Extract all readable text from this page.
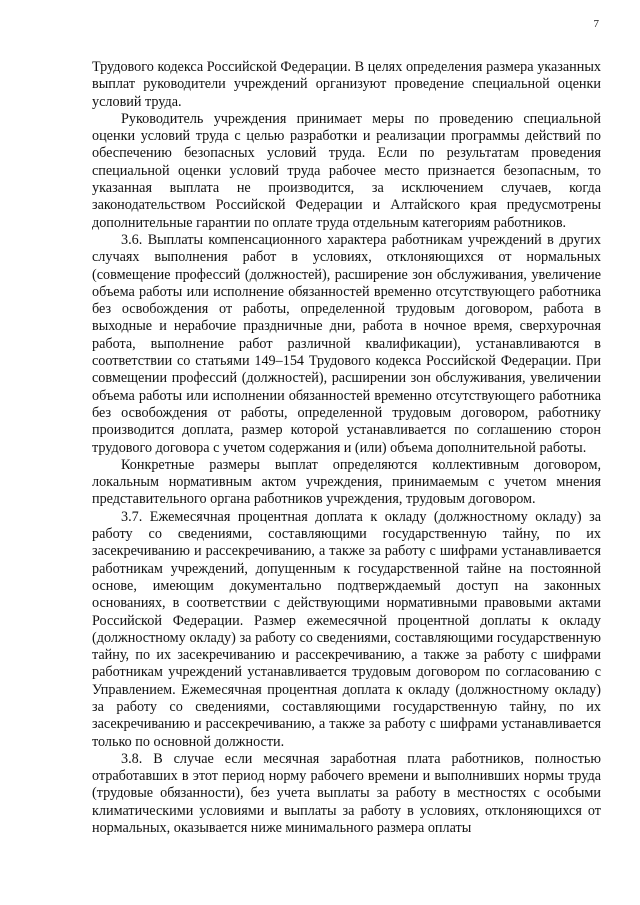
7

Трудового кодекса Российской Федерации. В целях определения размера указанных выплат руководители учреждений организуют проведение специальной оценки условий труда.

Руководитель учреждения принимает меры по проведению специальной оценки условий труда с целью разработки и реализации программы действий по обеспечению безопасных условий труда. Если по результатам проведения специальной оценки условий труда рабочее место признается безопасным, то указанная выплата не производится, за исключением случаев, когда законодательством Российской Федерации и Алтайского края предусмотрены дополнительные гарантии по оплате труда отдельным категориям работников.

3.6. Выплаты компенсационного характера работникам учреждений в других случаях выполнения работ в условиях, отклоняющихся от нормальных (совмещение профессий (должностей), расширение зон обслуживания, увеличение объема работы или исполнение обязанностей временно отсутствующего работника без освобождения от работы, определенной трудовым договором, работа в выходные и нерабочие праздничные дни, работа в ночное время, сверхурочная работа, выполнение работ различной квалификации), устанавливаются в соответствии со статьями 149–154 Трудового кодекса Российской Федерации. При совмещении профессий (должностей), расширении зон обслуживания, увеличении объема работы или исполнении обязанностей временно отсутствующего работника без освобождения от работы, определенной трудовым договором, работнику производится доплата, размер которой устанавливается по соглашению сторон трудового договора с учетом содержания и (или) объема дополнительной работы.

Конкретные размеры выплат определяются коллективным договором, локальным нормативным актом учреждения, принимаемым с учетом мнения представительного органа работников учреждения, трудовым договором.

3.7. Ежемесячная процентная доплата к окладу (должностному окладу) за работу со сведениями, составляющими государственную тайну, по их засекречиванию и рассекречиванию, а также за работу с шифрами устанавливается работникам учреждений, допущенным к государственной тайне на постоянной основе, имеющим документально подтверждаемый доступ на законных основаниях, в соответствии с действующими нормативными правовыми актами Российской Федерации. Размер ежемесячной процентной доплаты к окладу (должностному окладу) за работу со сведениями, составляющими государственную тайну, по их засекречиванию и рассекречиванию, а также за работу с шифрами работникам учреждений устанавливается трудовым договором по согласованию с Управлением. Ежемесячная процентная доплата к окладу (должностному окладу) за работу со сведениями, составляющими государственную тайну, по их засекречиванию и рассекречиванию, а также за работу с шифрами устанавливается только по основной должности.

3.8. В случае если месячная заработная плата работников, полностью отработавших в этот период норму рабочего времени и выполнивших нормы труда (трудовые обязанности), без учета выплаты за работу в местностях с особыми климатическими условиями и выплаты за работу в условиях, отклоняющихся от нормальных, оказывается ниже минимального размера оплаты
